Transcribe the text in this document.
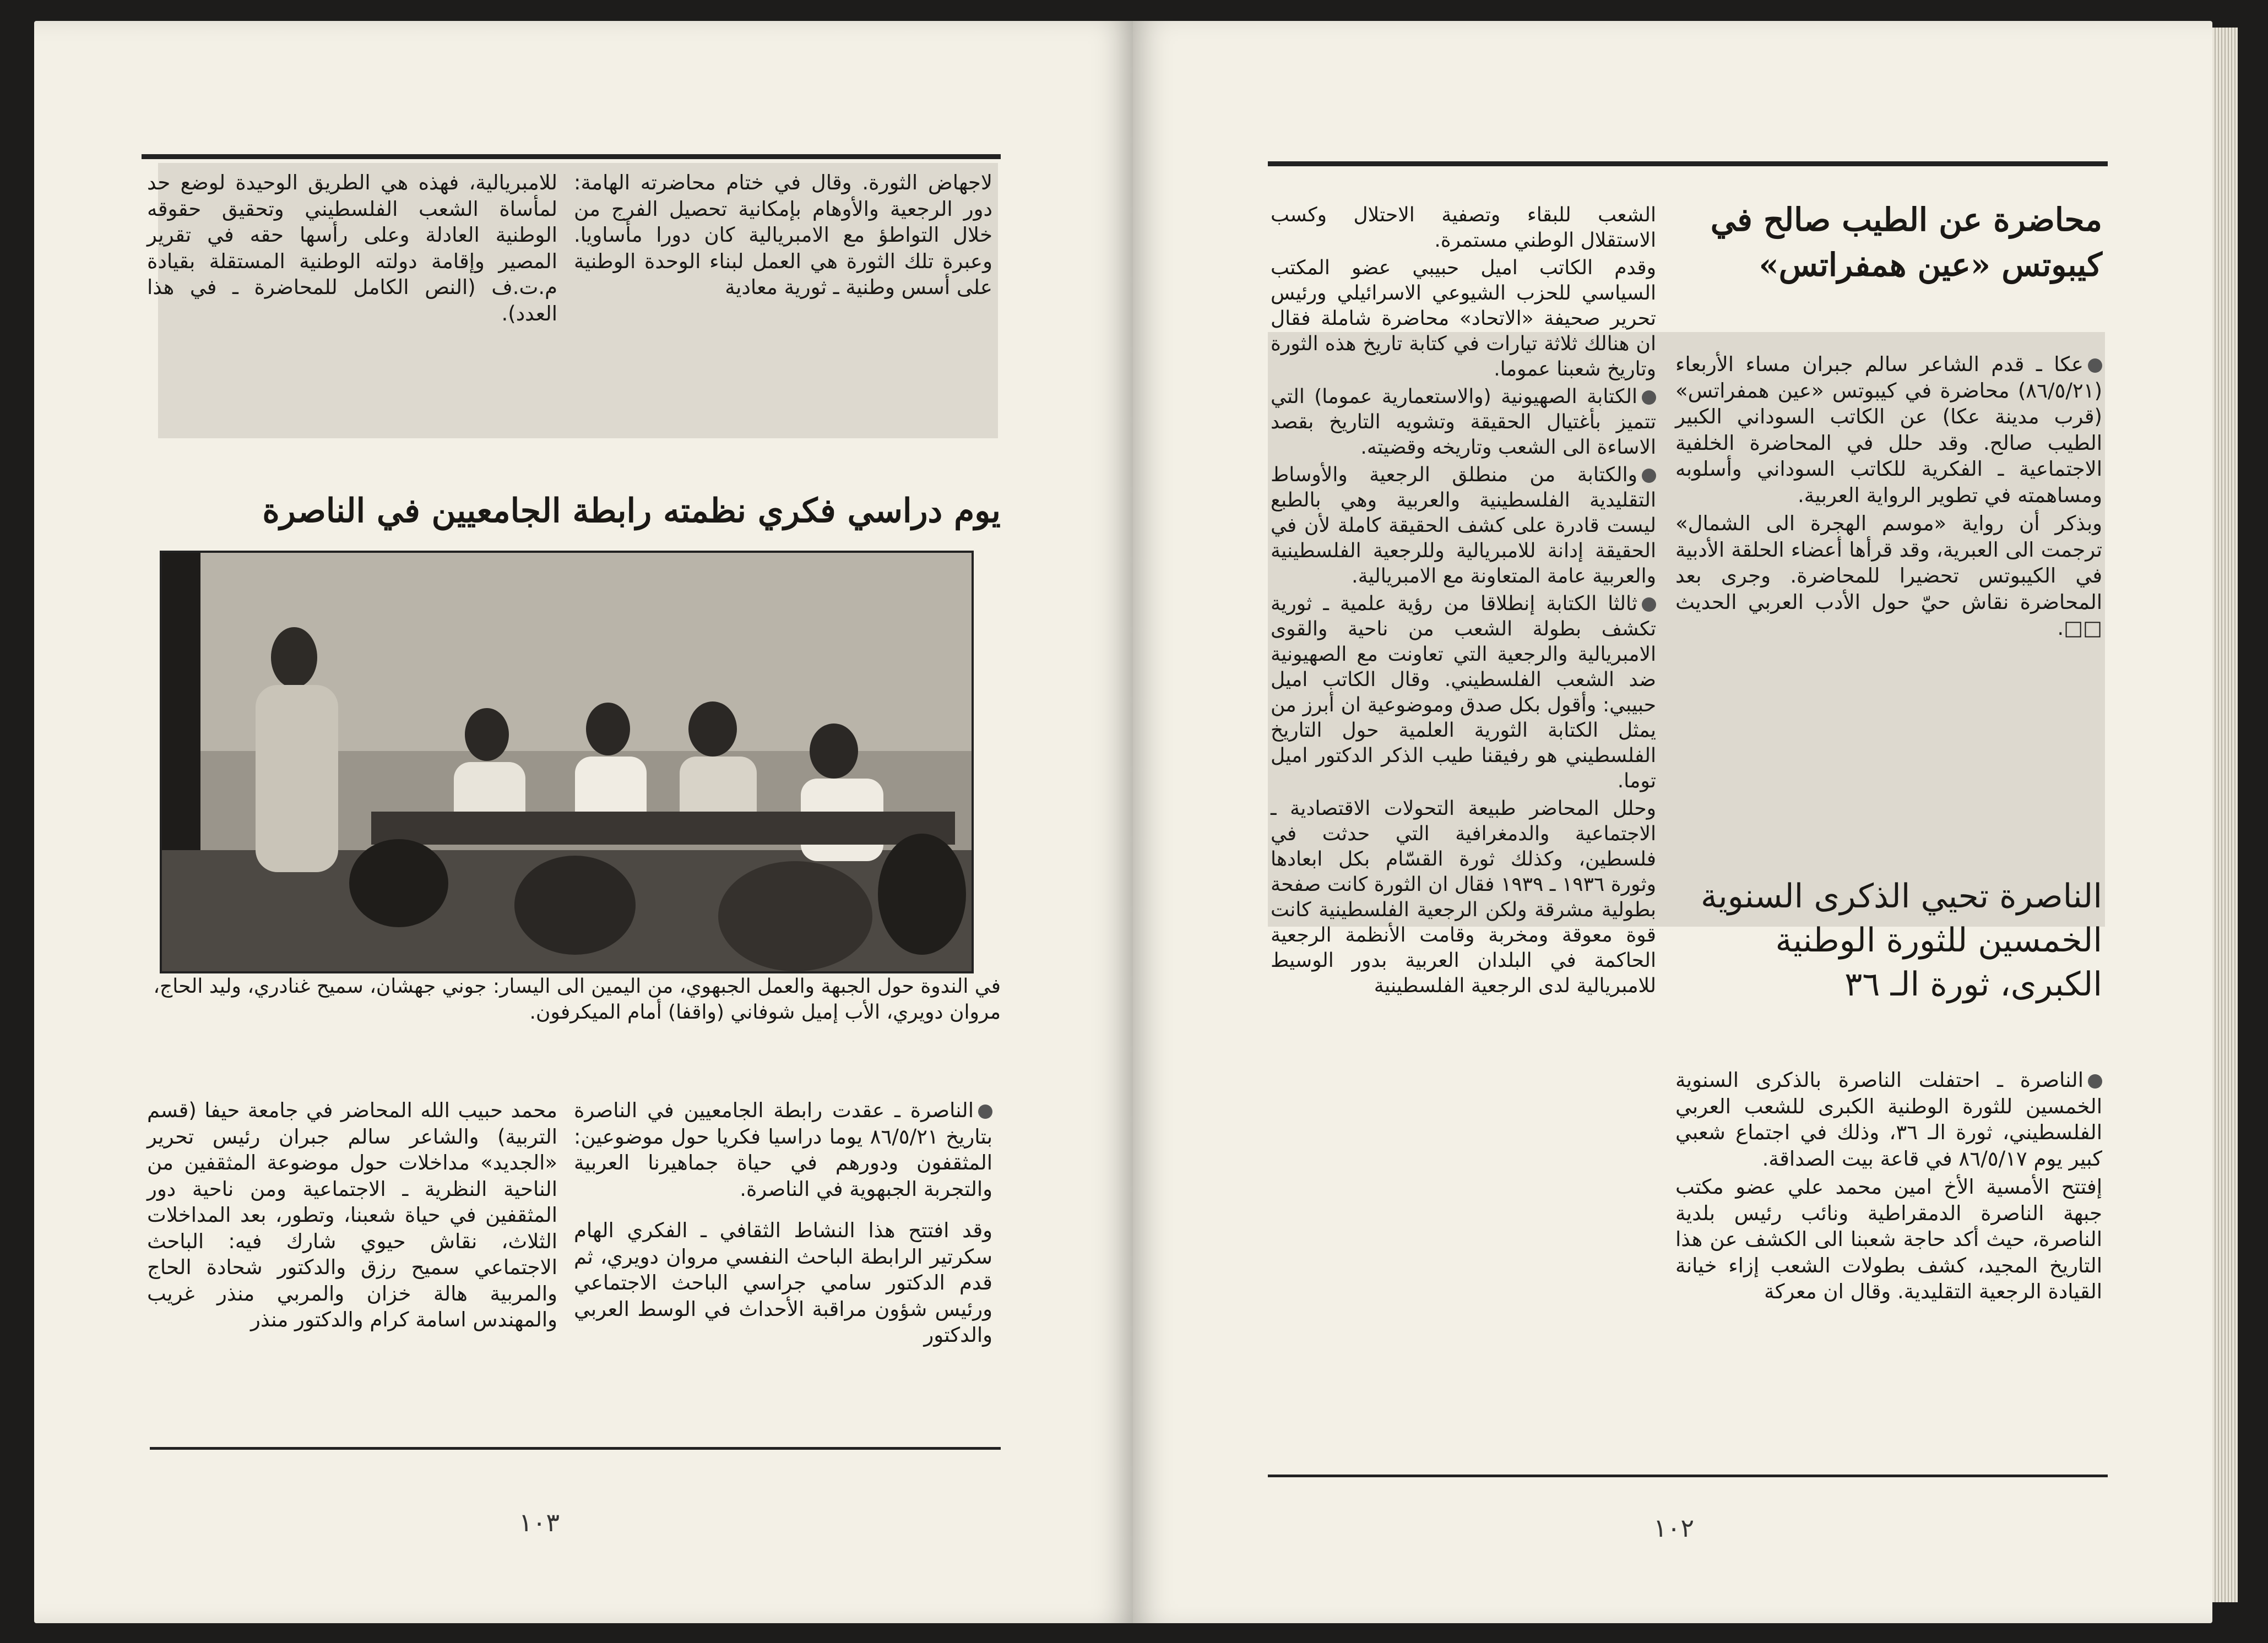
لاجهاض الثورة. وقال في ختام محاضرته الهامة: دور الرجعية والأوهام بإمكانية تحصيل الفرج من خلال التواطؤ مع الامبريالية كان دورا مأساويا. وعبرة تلك الثورة هي العمل لبناء الوحدة الوطنية على أسس وطنية ـ ثورية معادية

للامبريالية، فهذه هي الطريق الوحيدة لوضع حد لمأساة الشعب الفلسطيني وتحقيق حقوقه الوطنية العادلة وعلى رأسها حقه في تقرير المصير وإقامة دولته الوطنية المستقلة بقيادة م.ت.ف (النص الكامل للمحاضرة ـ في هذا العدد).

يوم دراسي فكري نظمته رابطة الجامعيين في الناصرة
في الندوة حول الجبهة والعمل الجبهوي، من اليمين الى اليسار: جوني جهشان، سميح غنادري، وليد الحاج، مروان دويري، الأب إميل شوفاني (واقفا) أمام الميكرفون.

الناصرة ـ عقدت رابطة الجامعيين في الناصرة بتاريخ ٨٦/٥/٢١ يوما دراسيا فكريا حول موضوعين: المثقفون ودورهم في حياة جماهيرنا العربية والتجربة الجبهوية في الناصرة.

وقد افتتح هذا النشاط الثقافي ـ الفكري الهام سكرتير الرابطة الباحث النفسي مروان دويري، ثم قدم الدكتور سامي جراسي الباحث الاجتماعي ورئيس شؤون مراقبة الأحداث في الوسط العربي والدكتور

محمد حبيب الله المحاضر في جامعة حيفا (قسم التربية) والشاعر سالم جبران رئيس تحرير «الجديد» مداخلات حول موضوعة المثقفين من الناحية النظرية ـ الاجتماعية ومن ناحية دور المثقفين في حياة شعبنا، وتطور، بعد المداخلات الثلاث، نقاش حيوي شارك فيه: الباحث الاجتماعي سميح رزق والدكتور شحادة الحاج والمربية هالة خزان والمربي منذر غريب والمهندس اسامة كرام والدكتور منذر

١٠٣
محاضرة عن الطيب صالح في كيبوتس «عين همفراتس»

عكا ـ قدم الشاعر سالم جبران مساء الأربعاء (٨٦/٥/٢١) محاضرة في كيبوتس «عين همفراتس» (قرب مدينة عكا) عن الكاتب السوداني الكبير الطيب صالح. وقد حلل في المحاضرة الخلفية الاجتماعية ـ الفكرية للكاتب السوداني وأسلوبه ومساهمته في تطوير الرواية العربية.

وبذكر أن رواية «موسم الهجرة الى الشمال» ترجمت الى العبرية، وقد قرأها أعضاء الحلقة الأدبية في الكيبوتس تحضيرا للمحاضرة. وجرى بعد المحاضرة نقاش حيّ حول الأدب العربي الحديث □□.

الناصرة تحيي الذكرى السنوية الخمسين للثورة الوطنية الكبرى، ثورة الـ ٣٦

الناصرة ـ احتفلت الناصرة بالذكرى السنوية الخمسين للثورة الوطنية الكبرى للشعب العربي الفلسطيني، ثورة الـ ٣٦، وذلك في اجتماع شعبي كبير يوم ٨٦/٥/١٧ في قاعة بيت الصداقة.

إفتتح الأمسية الأخ امين محمد علي عضو مكتب جبهة الناصرة الدمقراطية ونائب رئيس بلدية الناصرة، حيث أكد حاجة شعبنا الى الكشف عن هذا التاريخ المجيد، كشف بطولات الشعب إزاء خيانة القيادة الرجعية التقليدية. وقال ان معركة

الشعب للبقاء وتصفية الاحتلال وكسب الاستقلال الوطني مستمرة.

وقدم الكاتب اميل حبيبي عضو المكتب السياسي للحزب الشيوعي الاسرائيلي ورئيس تحرير صحيفة «الاتحاد» محاضرة شاملة فقال ان هنالك ثلاثة تيارات في كتابة تاريخ هذه الثورة وتاريخ شعبنا عموما.

الكتابة الصهيونية (والاستعمارية عموما) التي تتميز بأغتيال الحقيقة وتشويه التاريخ بقصد الاساءة الى الشعب وتاريخه وقضيته.

والكتابة من منطلق الرجعية والأوساط التقليدية الفلسطينية والعربية وهي بالطبع ليست قادرة على كشف الحقيقة كاملة لأن في الحقيقة إدانة للامبريالية وللرجعية الفلسطينية والعربية عامة المتعاونة مع الامبريالية.

ثالثا الكتابة إنطلاقا من رؤية علمية ـ ثورية تكشف بطولة الشعب من ناحية والقوى الامبريالية والرجعية التي تعاونت مع الصهيونية ضد الشعب الفلسطيني. وقال الكاتب اميل حبيبي: وأقول بكل صدق وموضوعية ان أبرز من يمثل الكتابة الثورية العلمية حول التاريخ الفلسطيني هو رفيقنا طيب الذكر الدكتور اميل توما.

وحلل المحاضر طبيعة التحولات الاقتصادية ـ الاجتماعية والدمغرافية التي حدثت في فلسطين، وكذلك ثورة القسّام بكل ابعادها وثورة ١٩٣٦ ـ ١٩٣٩ فقال ان الثورة كانت صفحة بطولية مشرقة ولكن الرجعية الفلسطينية كانت قوة معوقة ومخربة وقامت الأنظمة الرجعية الحاكمة في البلدان العربية بدور الوسيط للامبريالية لدى الرجعية الفلسطينية

١٠٢
